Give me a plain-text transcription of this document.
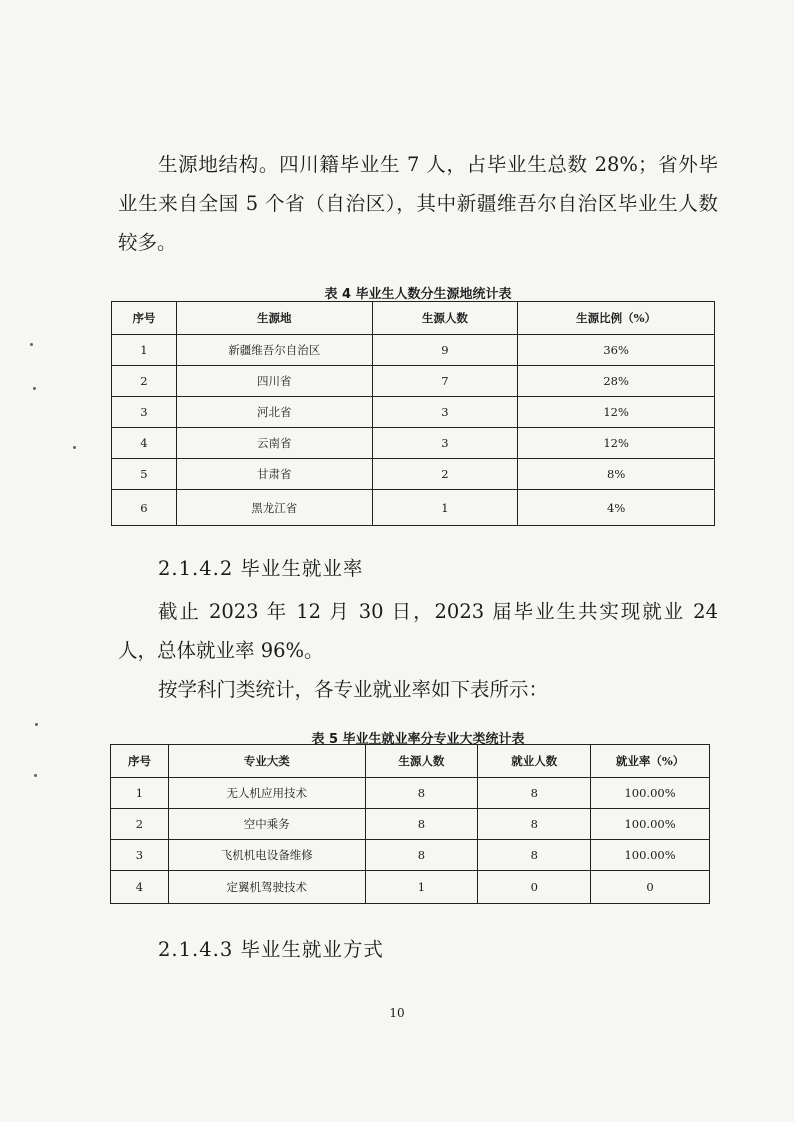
生源地结构。四川籍毕业生 7 人，占毕业生总数 28%；省外毕业生来自全国 5 个省（自治区），其中新疆维吾尔自治区毕业生人数较多。

表 4 毕业生人数分生源地统计表

序号	生源地	生源人数	生源比例（%）
1	新疆维吾尔自治区	9	36%
2	四川省	7	28%
3	河北省	3	12%
4	云南省	3	12%
5	甘肃省	2	8%
6	黑龙江省	1	4%

2.1.4.2 毕业生就业率

截止 2023 年 12 月 30 日，2023 届毕业生共实现就业 24 人，总体就业率 96%。

按学科门类统计，各专业就业率如下表所示：

表 5 毕业生就业率分专业大类统计表

序号	专业大类	生源人数	就业人数	就业率（%）
1	无人机应用技术	8	8	100.00%
2	空中乘务	8	8	100.00%
3	飞机机电设备维修	8	8	100.00%
4	定翼机驾驶技术	1	0	0

2.1.4.3 毕业生就业方式

10
